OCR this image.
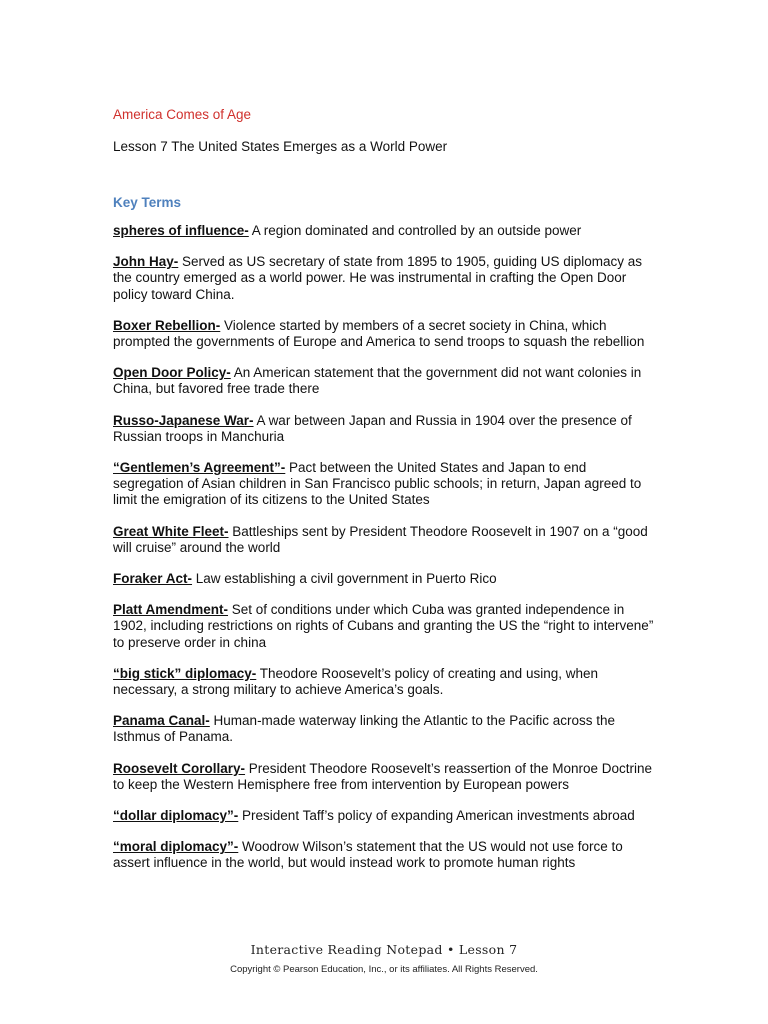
America Comes of Age
Lesson 7 The United States Emerges as a World Power
Key Terms
spheres of influence- A region dominated and controlled by an outside power
John Hay- Served as US secretary of state from 1895 to 1905, guiding US diplomacy as the country emerged as a world power. He was instrumental in crafting the Open Door policy toward China.
Boxer Rebellion- Violence started by members of a secret society in China, which prompted the governments of Europe and America to send troops to squash the rebellion
Open Door Policy- An American statement that the government did not want colonies in China, but favored free trade there
Russo-Japanese War- A war between Japan and Russia in 1904 over the presence of Russian troops in Manchuria
“Gentlemen’s Agreement”- Pact between the United States and Japan to end segregation of Asian children in San Francisco public schools; in return, Japan agreed to limit the emigration of its citizens to the United States
Great White Fleet- Battleships sent by President Theodore Roosevelt in 1907 on a “good will cruise” around the world
Foraker Act- Law establishing a civil government in Puerto Rico
Platt Amendment- Set of conditions under which Cuba was granted independence in 1902, including restrictions on rights of Cubans and granting the US the “right to intervene” to preserve order in china
“big stick” diplomacy- Theodore Roosevelt’s policy of creating and using, when necessary, a strong military to achieve America’s goals.
Panama Canal- Human-made waterway linking the Atlantic to the Pacific across the Isthmus of Panama.
Roosevelt Corollary- President Theodore Roosevelt’s reassertion of the Monroe Doctrine to keep the Western Hemisphere free from intervention by European powers
“dollar diplomacy”- President Taff’s policy of expanding American investments abroad
“moral diplomacy”- Woodrow Wilson’s statement that the US would not use force to assert influence in the world, but would instead work to promote human rights
Interactive Reading Notepad • Lesson 7
Copyright © Pearson Education, Inc., or its affiliates. All Rights Reserved.
